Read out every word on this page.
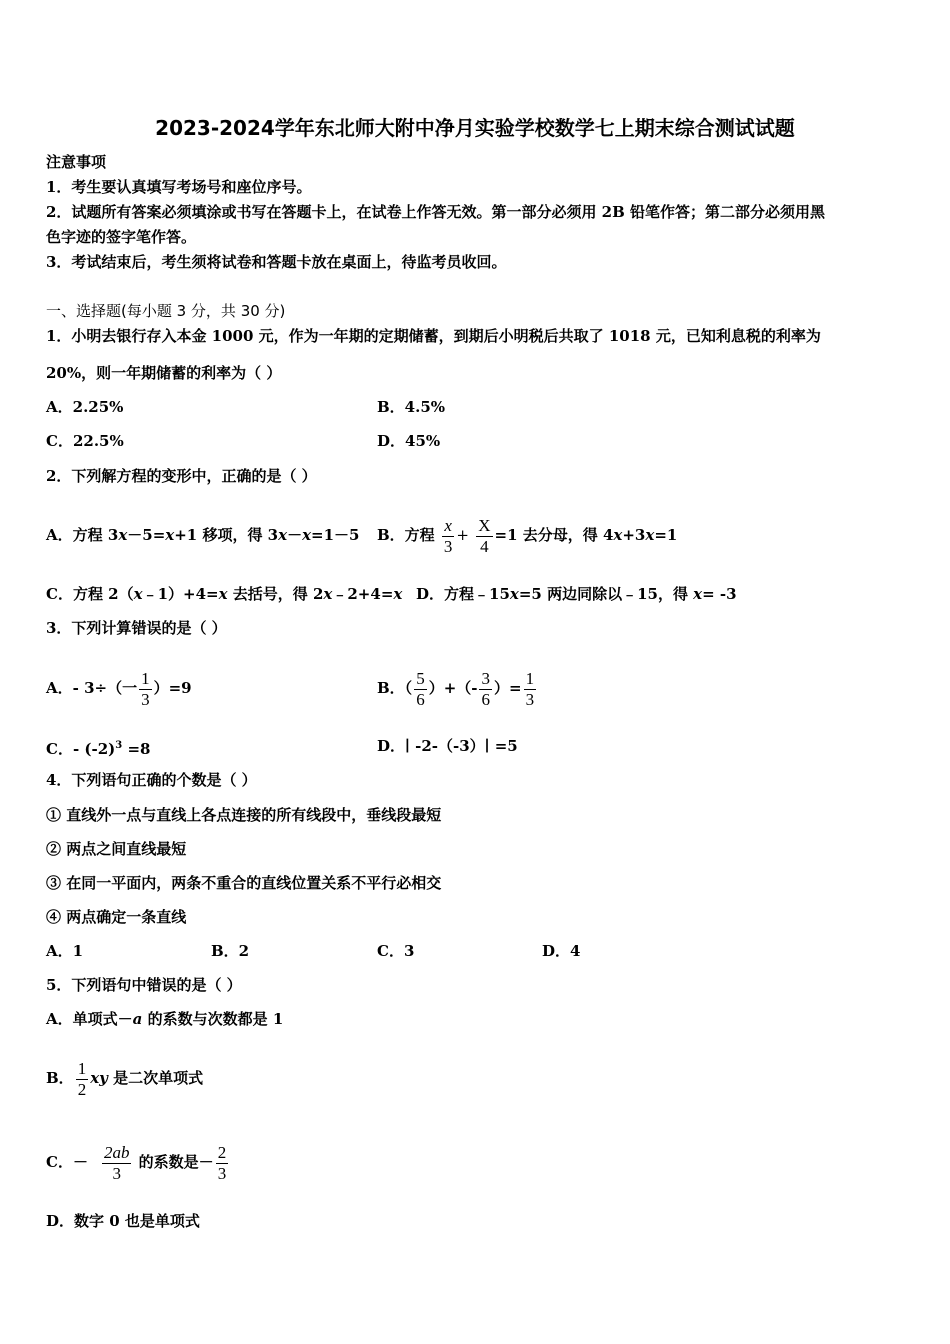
2023-2024学年东北师大附中净月实验学校数学七上期末综合测试试题
注意事项
1．考生要认真填写考场号和座位序号。
2．试题所有答案必须填涂或书写在答题卡上，在试卷上作答无效。第一部分必须用 2B 铅笔作答；第二部分必须用黑
色字迹的签字笔作答。
3．考试结束后，考生须将试卷和答题卡放在桌面上，待监考员收回。
一、选择题(每小题 3 分，共 30 分)
1．小明去银行存入本金 1000 元，作为一年期的定期储蓄，到期后小明税后共取了 1018 元，已知利息税的利率为
20%，则一年期储蓄的利率为（ ）
A．2.25%	B．4.5%
C．22.5%	D．45%
2．下列解方程的变形中，正确的是（ ）
A．方程 3x－5=x+1 移项，得 3x－x=1－5 B．方程 $\frac{x}{3} + \frac{X}{4} =1$ 去分母，得 4x+3x=1
C．方程 2（x﹣1）+4=x 去括号，得 2x﹣2+4=x D．方程﹣15x=5 两边同除以﹣15，得 x= -3
3．下列计算错误的是（ ）
A．- 3÷（一 $\frac{1}{3} )=9$	B．（ $\frac{5}{6}$ ）+（- $\frac{3}{6}$ ）= $\frac{1}{3}$
C．- $(-2)^3 =8$	D．∣ -2-（-3）∣ =5
4．下列语句正确的个数是（ ）
① 直线外一点与直线上各点连接的所有线段中，垂线段最短
② 两点之间直线最短
③ 在同一平面内，两条不重合的直线位置关系不平行必相交
④ 两点确定一条直线
A．1	B．2	C．3	D．4
5．下列语句中错误的是（ ）
A．单项式－a 的系数与次数都是 1
B． $\frac{1}{2}$ xy 是二次单项式
C．－ $\frac{2ab}{3}$ 的系数是－ $\frac{2}{3}$
D．数字 0 也是单项式
